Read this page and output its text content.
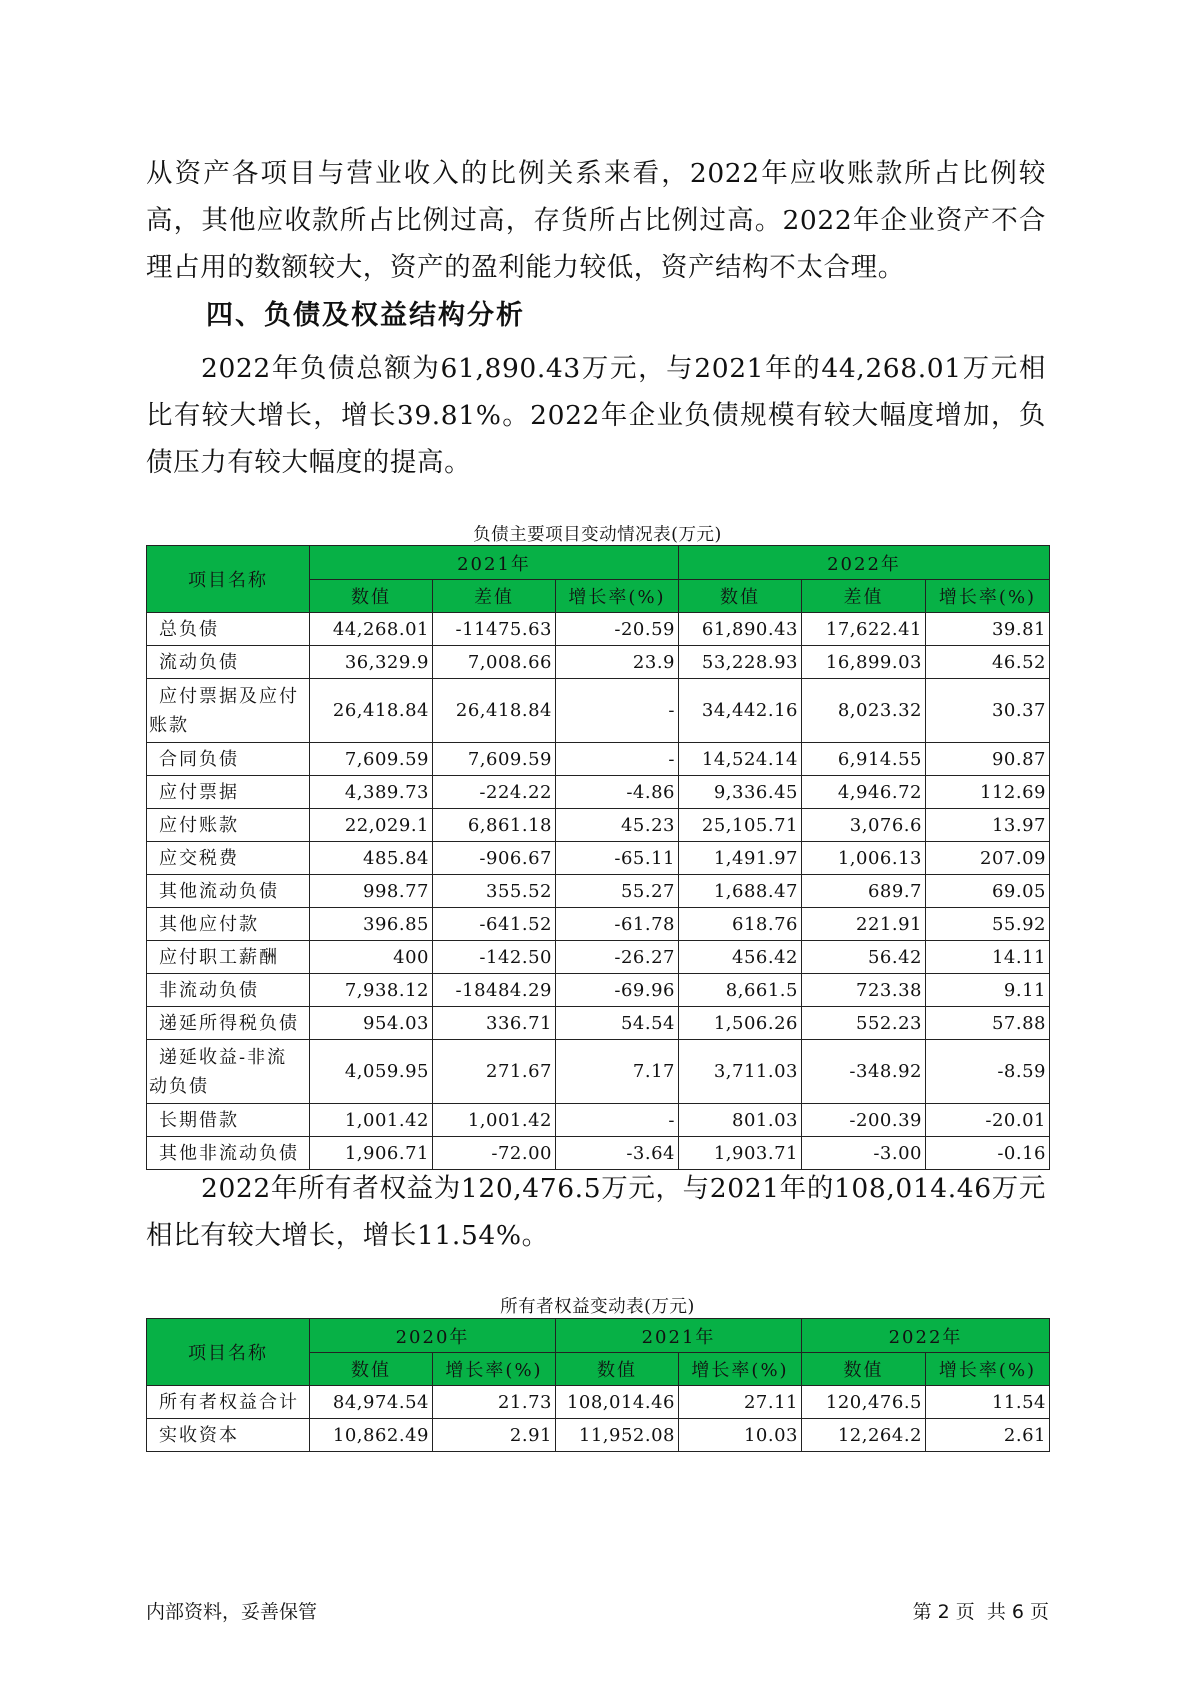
从资产各项目与营业收入的比例关系来看，2022年应收账款所占比例较高，其他应收款所占比例过高，存货所占比例过高。2022年企业资产不合理占用的数额较大，资产的盈利能力较低，资产结构不太合理。

四、负债及权益结构分析

2022年负债总额为61,890.43万元，与2021年的44,268.01万元相比有较大增长，增长39.81%。2022年企业负债规模有较大幅度增加，负债压力有较大幅度的提高。

负债主要项目变动情况表(万元)
项目名称	2021年			2022年		
	数值	差值	增长率(%)	数值	差值	增长率(%)
总负债	44,268.01	-11475.63	-20.59	61,890.43	17,622.41	39.81
流动负债	36,329.9	7,008.66	23.9	53,228.93	16,899.03	46.52
应付票据及应付账款	26,418.84	26,418.84	-	34,442.16	8,023.32	30.37
合同负债	7,609.59	7,609.59	-	14,524.14	6,914.55	90.87
应付票据	4,389.73	-224.22	-4.86	9,336.45	4,946.72	112.69
应付账款	22,029.1	6,861.18	45.23	25,105.71	3,076.6	13.97
应交税费	485.84	-906.67	-65.11	1,491.97	1,006.13	207.09
其他流动负债	998.77	355.52	55.27	1,688.47	689.7	69.05
其他应付款	396.85	-641.52	-61.78	618.76	221.91	55.92
应付职工薪酬	400	-142.50	-26.27	456.42	56.42	14.11
非流动负债	7,938.12	-18484.29	-69.96	8,661.5	723.38	9.11
递延所得税负债	954.03	336.71	54.54	1,506.26	552.23	57.88
递延收益-非流动负债	4,059.95	271.67	7.17	3,711.03	-348.92	-8.59
长期借款	1,001.42	1,001.42	-	801.03	-200.39	-20.01
其他非流动负债	1,906.71	-72.00	-3.64	1,903.71	-3.00	-0.16

2022年所有者权益为120,476.5万元，与2021年的108,014.46万元相比有较大增长，增长11.54%。

所有者权益变动表(万元)
项目名称	2020年		2021年		2022年	
	数值	增长率(%)	数值	增长率(%)	数值	增长率(%)
所有者权益合计	84,974.54	21.73	108,014.46	27.11	120,476.5	11.54
实收资本	10,862.49	2.91	11,952.08	10.03	12,264.2	2.61
内部资料，妥善保管	第 2 页  共 6 页
